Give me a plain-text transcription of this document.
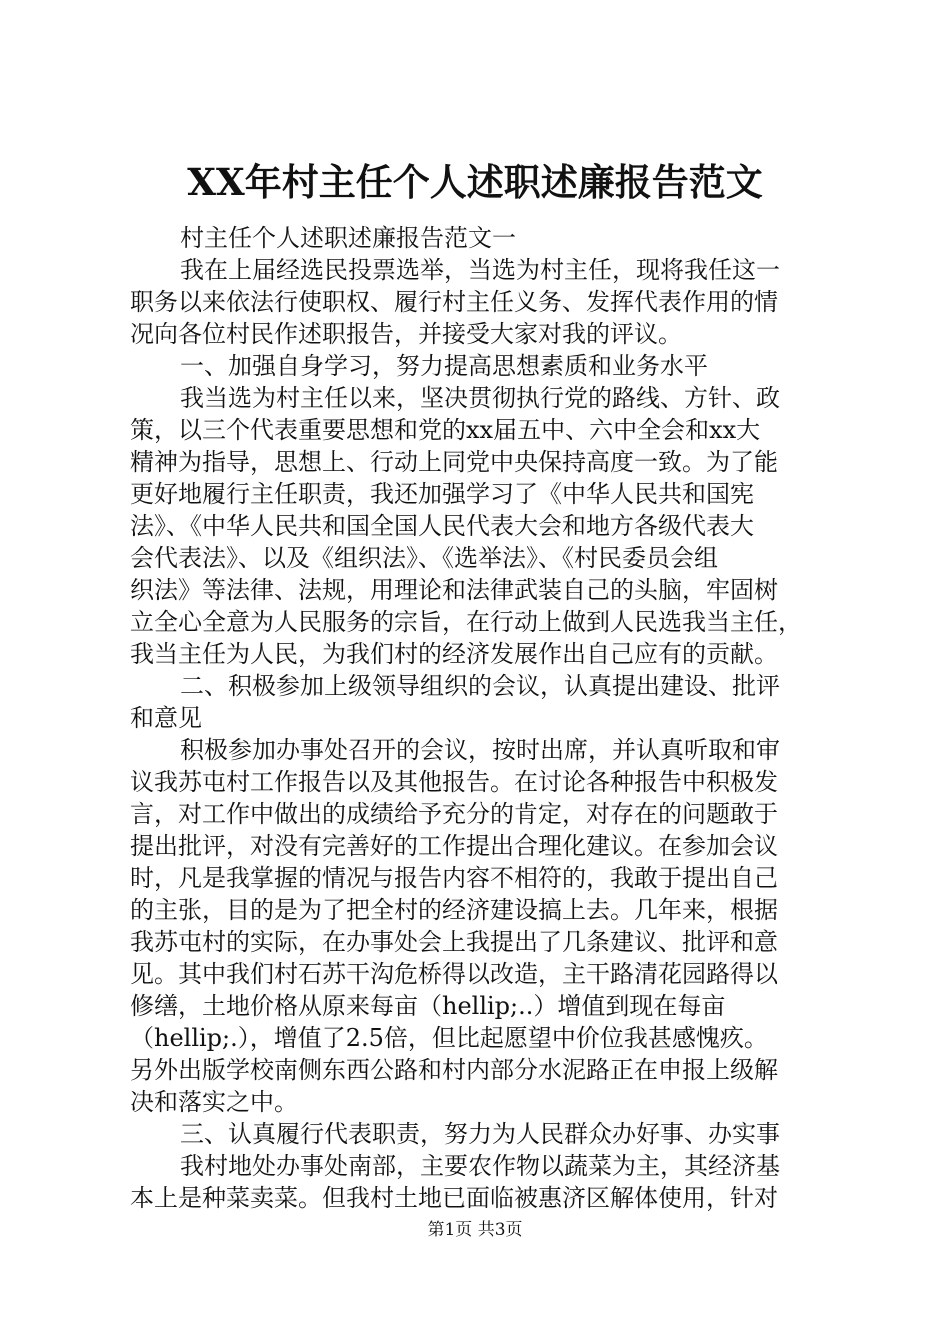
XX年村主任个人述职述廉报告范文
村主任个人述职述廉报告范文一
我在上届经选民投票选举，当选为村主任，现将我任这一
职务以来依法行使职权、履行村主任义务、发挥代表作用的情
况向各位村民作述职报告，并接受大家对我的评议。
一、加强自身学习，努力提高思想素质和业务水平
我当选为村主任以来，坚决贯彻执行党的路线、方针、政
策，以三个代表重要思想和党的xx届五中、六中全会和xx大
精神为指导，思想上、行动上同党中央保持高度一致。为了能
更好地履行主任职责，我还加强学习了《中华人民共和国宪
法》、《中华人民共和国全国人民代表大会和地方各级代表大
会代表法》、以及《组织法》、《选举法》、《村民委员会组
织法》等法律、法规，用理论和法律武装自己的头脑，牢固树
立全心全意为人民服务的宗旨，在行动上做到人民选我当主任，
我当主任为人民，为我们村的经济发展作出自己应有的贡献。
二、积极参加上级领导组织的会议，认真提出建设、批评
和意见
积极参加办事处召开的会议，按时出席，并认真听取和审
议我苏屯村工作报告以及其他报告。在讨论各种报告中积极发
言，对工作中做出的成绩给予充分的肯定，对存在的问题敢于
提出批评，对没有完善好的工作提出合理化建议。在参加会议
时，凡是我掌握的情况与报告内容不相符的，我敢于提出自己
的主张，目的是为了把全村的经济建设搞上去。几年来，根据
我苏屯村的实际，在办事处会上我提出了几条建议、批评和意
见。其中我们村石苏干沟危桥得以改造，主干路清花园路得以
修缮，土地价格从原来每亩（hellip;..）增值到现在每亩
（hellip;.），增值了2.5倍，但比起愿望中价位我甚感愧疚。
另外出版学校南侧东西公路和村内部分水泥路正在申报上级解
决和落实之中。
三、认真履行代表职责，努力为人民群众办好事、办实事
我村地处办事处南部，主要农作物以蔬菜为主，其经济基
本上是种菜卖菜。但我村土地已面临被惠济区解体使用，针对
第1页 共3页
